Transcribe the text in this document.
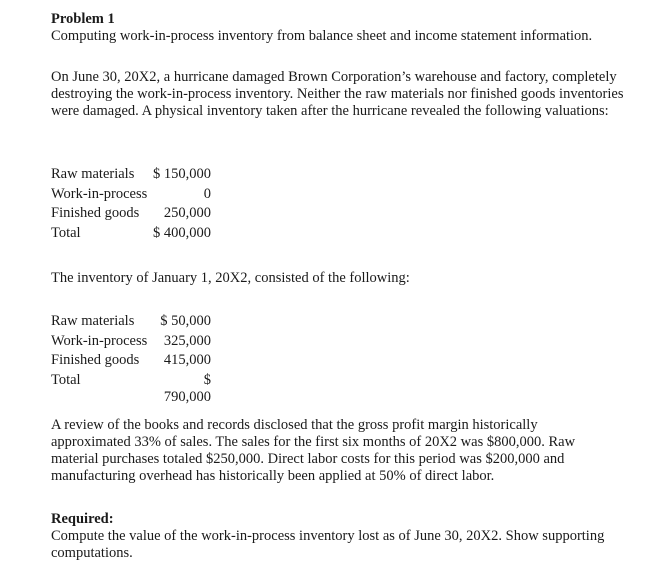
Problem 1
Computing work-in-process inventory from balance sheet and income statement information.

On June 30, 20X2, a hurricane damaged Brown Corporation’s warehouse and factory, completely destroying the work-in-process inventory. Neither the raw materials nor finished goods inventories were damaged. A physical inventory taken after the hurricane revealed the following valuations:

Raw materials	$ 150,000
Work-in-process	0
Finished goods	250,000
Total	$ 400,000

The inventory of January 1, 20X2, consisted of the following:

Raw materials	$ 50,000
Work-in-process	325,000
Finished goods	415,000
Total	$ 790,000

A review of the books and records disclosed that the gross profit margin historically approximated 33% of sales. The sales for the first six months of 20X2 was $800,000. Raw material purchases totaled $250,000. Direct labor costs for this period was $200,000 and manufacturing overhead has historically been applied at 50% of direct labor.

Required:
Compute the value of the work-in-process inventory lost as of June 30, 20X2. Show supporting computations.
